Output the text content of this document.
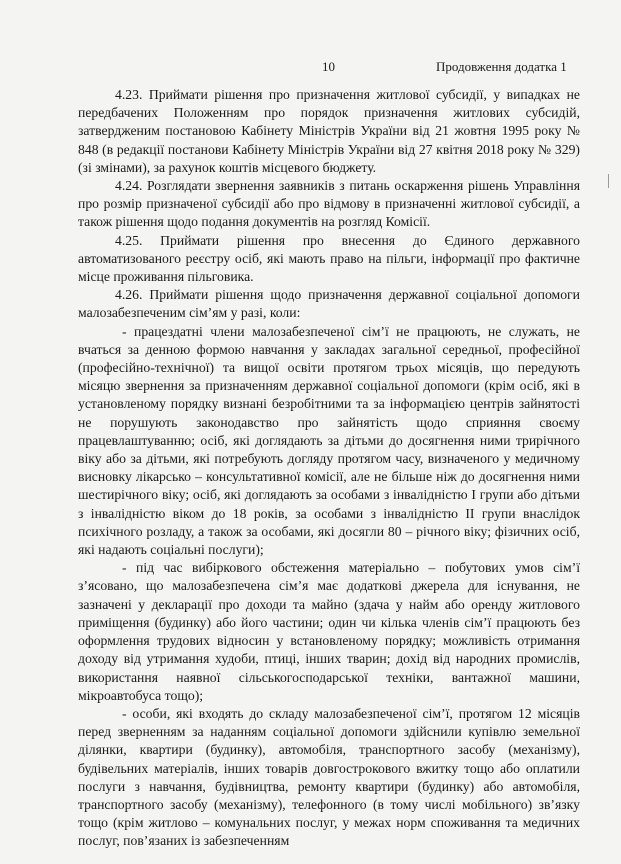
10	Продовження додатка 1

4.23. Приймати рішення про призначення житлової субсидії, у випадках не передбачених Положенням про порядок призначення житлових субсидій, затвердженим постановою Кабінету Міністрів України від 21 жовтня 1995 року № 848 (в редакції постанови Кабінету Міністрів України від 27 квітня 2018 року № 329) (зі змінами), за рахунок коштів місцевого бюджету.

4.24. Розглядати звернення заявників з питань оскарження рішень Управління про розмір призначеної субсидії або про відмову в призначенні житлової субсидії, а також рішення щодо подання документів на розгляд Комісії.

4.25. Приймати рішення про внесення до Єдиного державного автоматизованого реєстру осіб, які мають право на пільги, інформації про фактичне місце проживання пільговика.

4.26. Приймати рішення щодо призначення державної соціальної допомоги малозабезпеченим сім’ям у разі, коли:

- працездатні члени малозабезпеченої сім’ї не працюють, не служать, не вчаться за денною формою навчання у закладах загальної середньої, професійної (професійно-технічної) та вищої освіти протягом трьох місяців, що передують місяцю звернення за призначенням державної соціальної допомоги (крім осіб, які в установленому порядку визнані безробітними та за інформацією центрів зайнятості не порушують законодавство про зайнятість щодо сприяння своєму працевлаштуванню; осіб, які доглядають за дітьми до досягнення ними трирічного віку або за дітьми, які потребують догляду протягом часу, визначеного у медичному висновку лікарсько – консультативної комісії, але не більше ніж до досягнення ними шестирічного віку; осіб, які доглядають за особами з інвалідністю І групи або дітьми з інвалідністю віком до 18 років, за особами з інвалідністю ІІ групи внаслідок психічного розладу, а також за особами, які досягли 80 – річного віку; фізичних осіб, які надають соціальні послуги);

- під час вибіркового обстеження матеріально – побутових умов сім’ї з’ясовано, що малозабезпечена сім’я має додаткові джерела для існування, не зазначені у декларації про доходи та майно (здача у найм або оренду житлового приміщення (будинку) або його частини; один чи кілька членів сім’ї працюють без оформлення трудових відносин у встановленому порядку; можливість отримання доходу від утримання худоби, птиці, інших тварин; дохід від народних промислів, використання наявної сільськогосподарської техніки, вантажної машини, мікроавтобуса тощо);

- особи, які входять до складу малозабезпеченої сім’ї, протягом 12 місяців перед зверненням за наданням соціальної допомоги здійснили купівлю земельної ділянки, квартири (будинку), автомобіля, транспортного засобу (механізму), будівельних матеріалів, інших товарів довгострокового вжитку тощо або оплатили послуги з навчання, будівництва, ремонту квартири (будинку) або автомобіля, транспортного засобу (механізму), телефонного (в тому числі мобільного) зв’язку тощо (крім житлово – комунальних послуг, у межах норм споживання та медичних послуг, пов’язаних із забезпеченням
